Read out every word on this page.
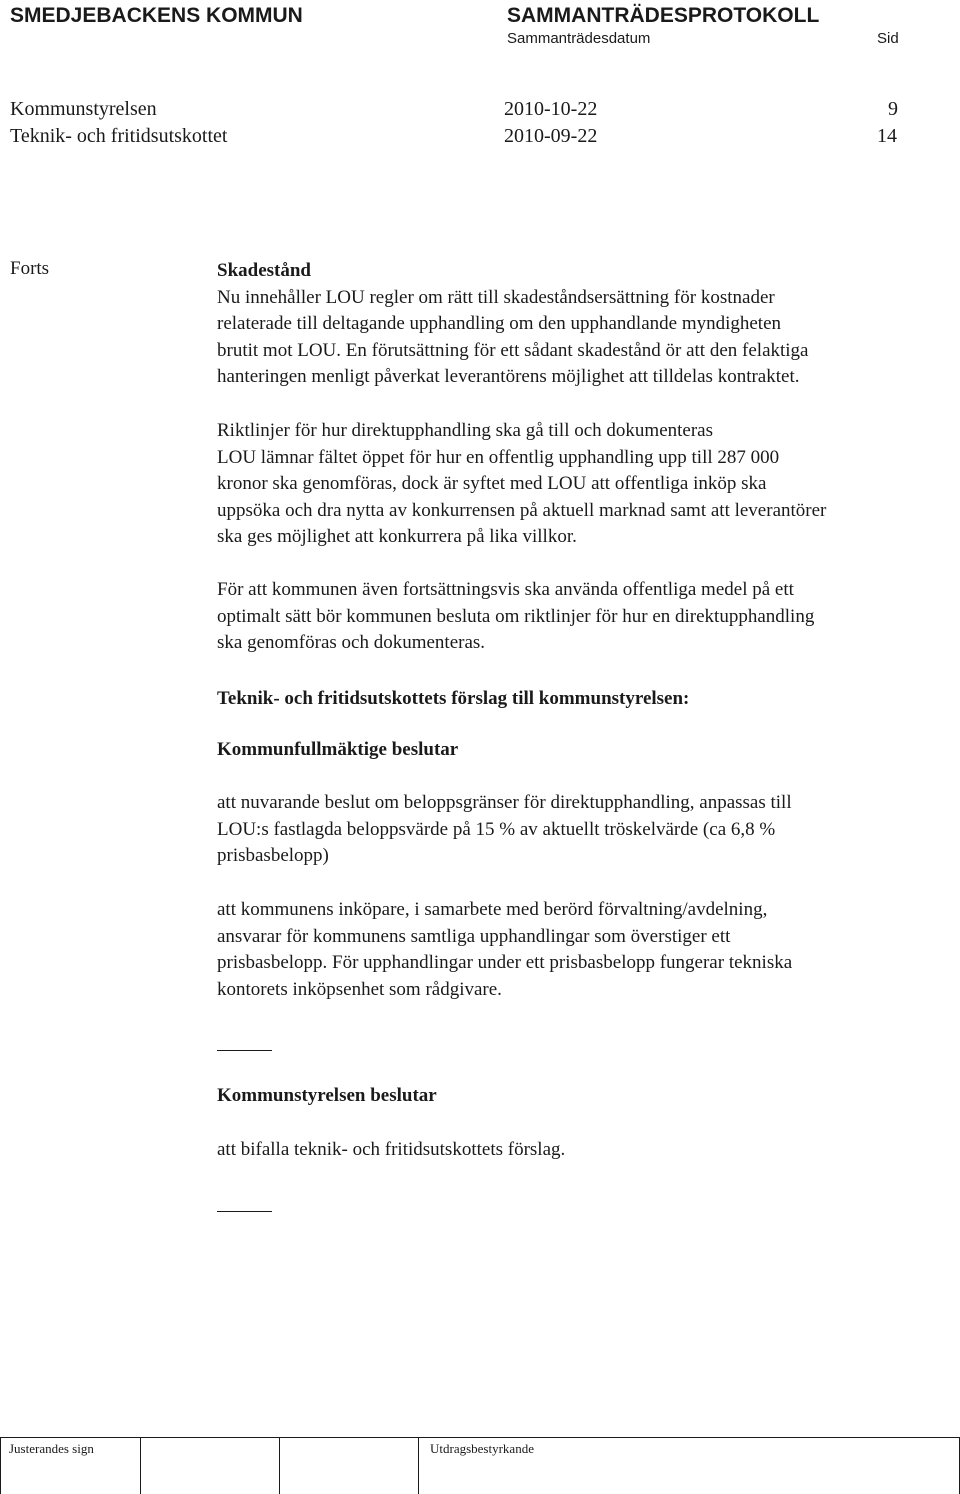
SMEDJEBACKENS KOMMUN	SAMMANTRÄDESPROTOKOLL
Sammanträdesdatum	Sid
Kommunstyrelsen	2010-10-22	9
Teknik- och fritidsutskottet	2010-09-22	14
Forts	Skadestånd

Nu innehåller LOU regler om rätt till skadeståndsersättning för kostnader

relaterade till deltagande upphandling om den upphandlande myndigheten

brutit mot LOU. En förutsättning för ett sådant skadestånd ör att den felaktiga

hanteringen menligt påverkat leverantörens möjlighet att tilldelas kontraktet.

Riktlinjer för hur direktupphandling ska gå till och dokumenteras

LOU lämnar fältet öppet för hur en offentlig upphandling upp till 287 000

kronor ska genomföras, dock är syftet med LOU att offentliga inköp ska

uppsöka och dra nytta av konkurrensen på aktuell marknad samt att leverantörer

ska ges möjlighet att konkurrera på lika villkor.

För att kommunen även fortsättningsvis ska använda offentliga medel på ett

optimalt sätt bör kommunen besluta om riktlinjer för hur en direktupphandling

ska genomföras och dokumenteras.

Teknik- och fritidsutskottets förslag till kommunstyrelsen:

Kommunfullmäktige beslutar

att nuvarande beslut om beloppsgränser för direktupphandling, anpassas till

LOU:s fastlagda beloppsvärde på 15 % av aktuellt tröskelvärde (ca 6,8 %

prisbasbelopp)

att kommunens inköpare, i samarbete med berörd förvaltning/avdelning,

ansvarar för kommunens samtliga upphandlingar som överstiger ett

prisbasbelopp. För upphandlingar under ett prisbasbelopp fungerar tekniska

kontorets inköpsenhet som rådgivare.

Kommunstyrelsen beslutar

att bifalla teknik- och fritidsutskottets förslag.

Justerandes sign	Utdragsbestyrkande
